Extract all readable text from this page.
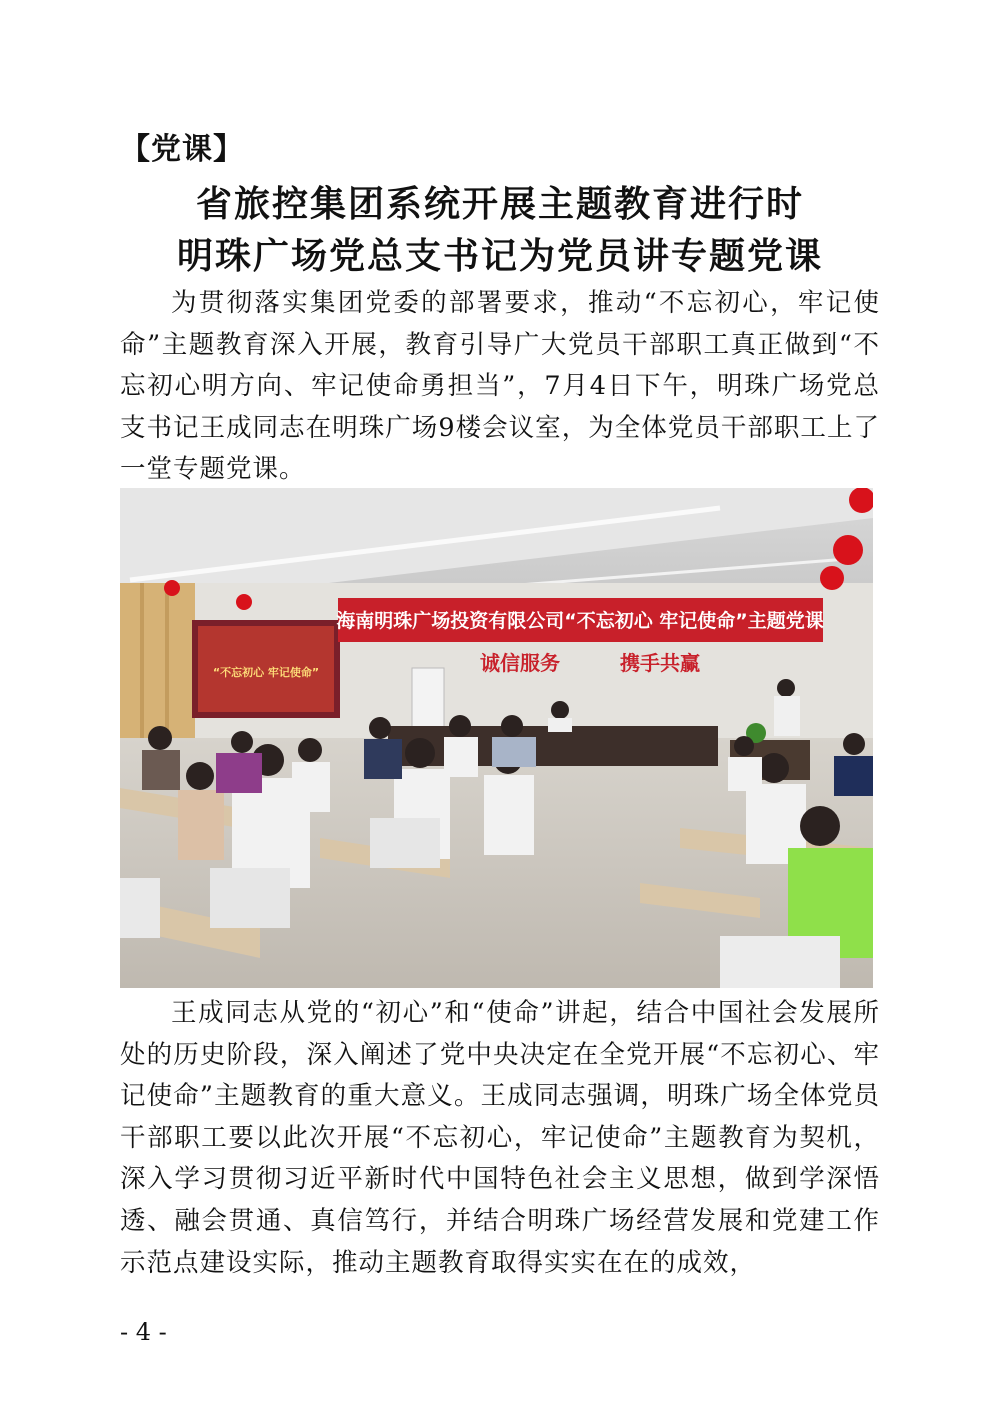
【党课】
省旅控集团系统开展主题教育进行时
明珠广场党总支书记为党员讲专题党课

为贯彻落实集团党委的部署要求，推动“不忘初心，牢记使命”主题教育深入开展，教育引导广大党员干部职工真正做到“不忘初心明方向、牢记使命勇担当”，7月4日下午，明珠广场党总支书记王成同志在明珠广场9楼会议室，为全体党员干部职工上了一堂专题党课。

“不忘初心 牢记使命”
海南明珠广场投资有限公司“不忘初心 牢记使命”主题党课
诚信服务	携手共赢

王成同志从党的“初心”和“使命”讲起，结合中国社会发展所处的历史阶段，深入阐述了党中央决定在全党开展“不忘初心、牢记使命”主题教育的重大意义。王成同志强调，明珠广场全体党员干部职工要以此次开展“不忘初心，牢记使命”主题教育为契机，深入学习贯彻习近平新时代中国特色社会主义思想，做到学深悟透、融会贯通、真信笃行，并结合明珠广场经营发展和党建工作示范点建设实际，推动主题教育取得实实在在的成效，

- 4 -
